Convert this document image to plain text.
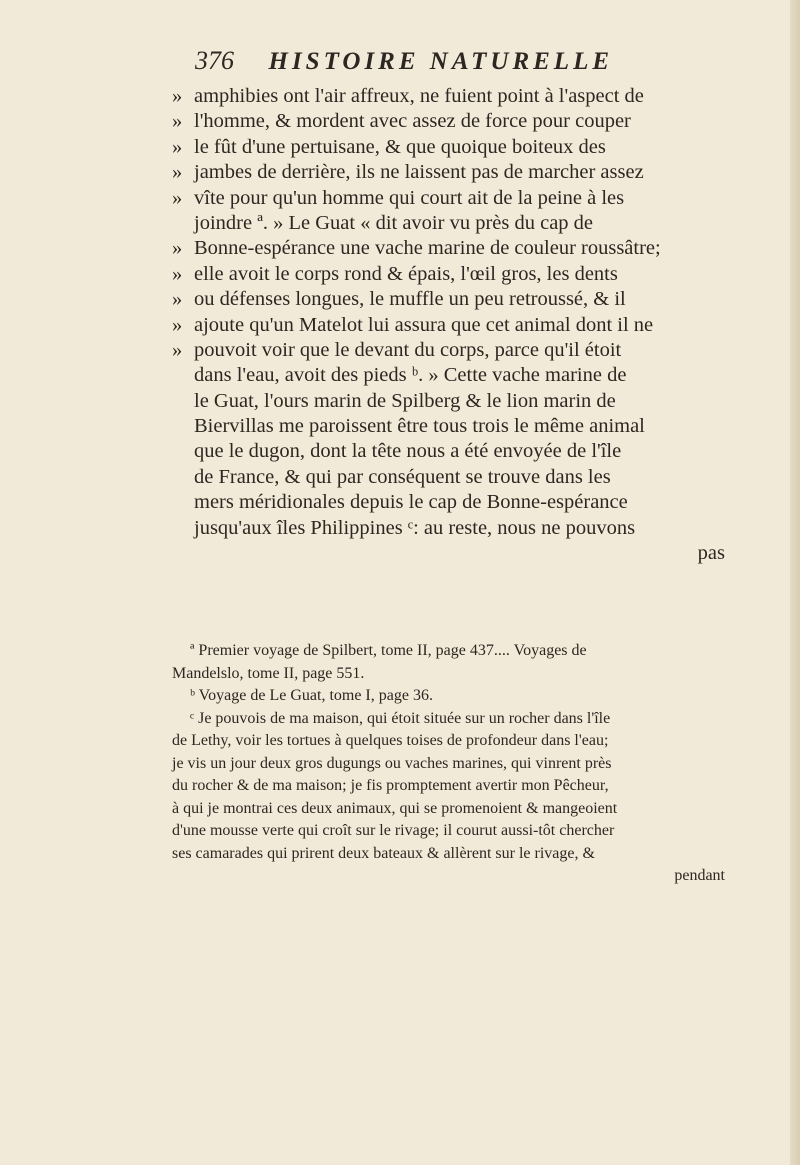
376 HISTOIRE NATURELLE
» amphibies ont l'air affreux, ne fuient point à l'aspect de
» l'homme, & mordent avec assez de force pour couper
» le fût d'une pertuisane, & que quoique boiteux des
» jambes de derrière, ils ne laissent pas de marcher assez
» vîte pour qu'un homme qui court ait de la peine à les
joindre ª. » Le Guat « dit avoir vu près du cap de
» Bonne-espérance une vache marine de couleur roussâtre;
» elle avoit le corps rond & épais, l'œil gros, les dents
» ou défenses longues, le muffle un peu retroussé, & il
» ajoute qu'un Matelot lui assura que cet animal dont il ne
» pouvoit voir que le devant du corps, parce qu'il étoit
dans l'eau, avoit des pieds ᵇ. » Cette vache marine de
le Guat, l'ours marin de Spilberg & le lion marin de
Biervillas me paroissent être tous trois le même animal
que le dugon, dont la tête nous a été envoyée de l'île
de France, & qui par conséquent se trouve dans les
mers méridionales depuis le cap de Bonne-espérance
jusqu'aux îles Philippines ᶜ: au reste, nous ne pouvons
pas
ª Premier voyage de Spilbert, tome II, page 437.... Voyages de
Mandelslo, tome II, page 551.
ᵇ Voyage de Le Guat, tome I, page 36.
ᶜ Je pouvois de ma maison, qui étoit située sur un rocher dans l'île
de Lethy, voir les tortues à quelques toises de profondeur dans l'eau;
je vis un jour deux gros dugungs ou vaches marines, qui vinrent près
du rocher & de ma maison; je fis promptement avertir mon Pêcheur,
à qui je montrai ces deux animaux, qui se promenoient & mangeoient
d'une mousse verte qui croît sur le rivage; il courut aussi-tôt chercher
ses camarades qui prirent deux bateaux & allèrent sur le rivage, &
pendant
